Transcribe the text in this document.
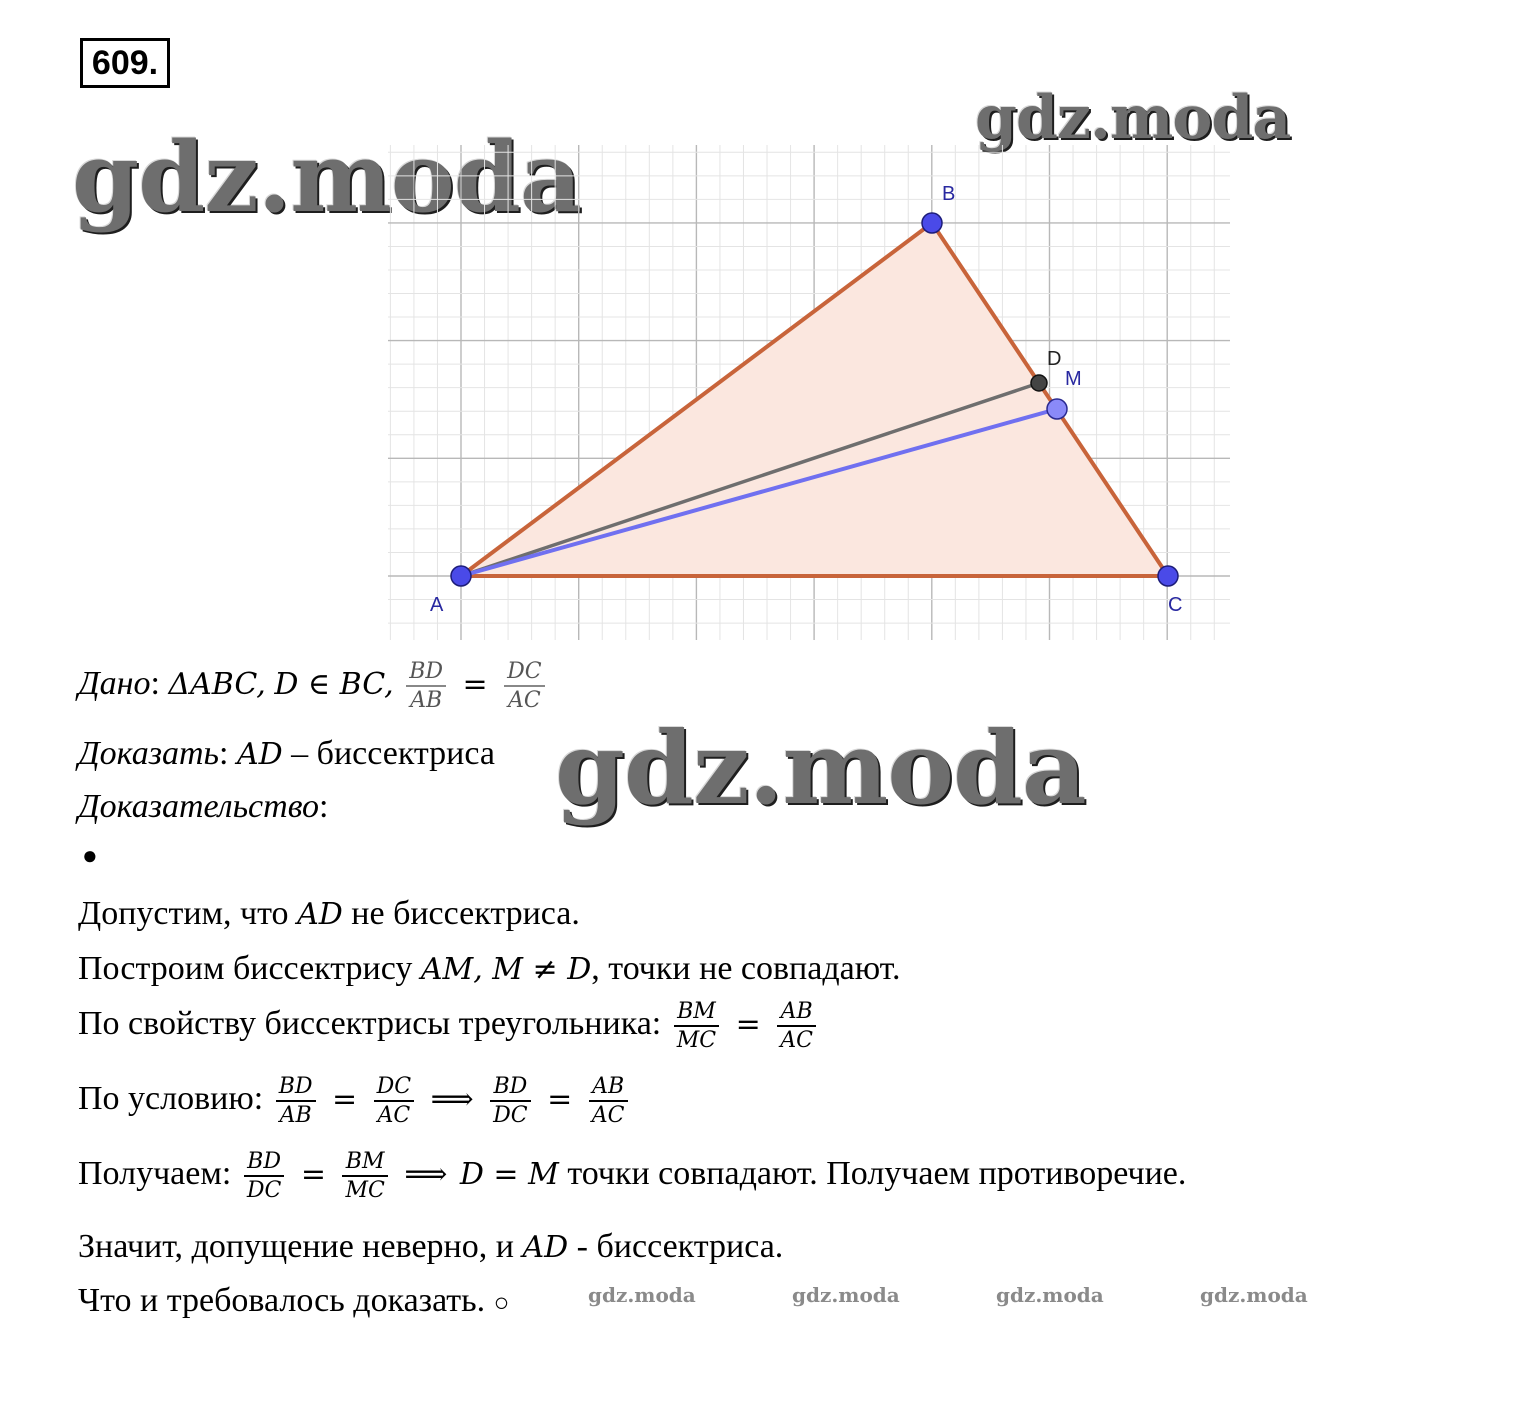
609.
gdz.moda
gdz.moda
A
B
C
D
M
Дано: ΔABC, D ∈ BC, $\frac{BD}{AB} = \frac{DC}{AC}$
Доказать: AD – биссектриса gdz.moda
Доказательство:
●
Допустим, что AD не биссектриса.
Построим биссектрису AM, M ≠ D, точки не совпадают.
По свойству биссектрисы треугольника: $\frac{BM}{MC} = \frac{AB}{AC}$
По условию: $\frac{BD}{AB} = \frac{DC}{AC}$ ⟹ $\frac{BD}{DC} = \frac{AB}{AC}$
Получаем: $\frac{BD}{DC} = \frac{BM}{MC}$ ⟹ D = M точки совпадают. Получаем противоречие.
Значит, допущение неверно, и AD - биссектриса.
Что и требовалось доказать. ○	gdz.moda	gdz.moda	gdz.moda	gdz.moda
